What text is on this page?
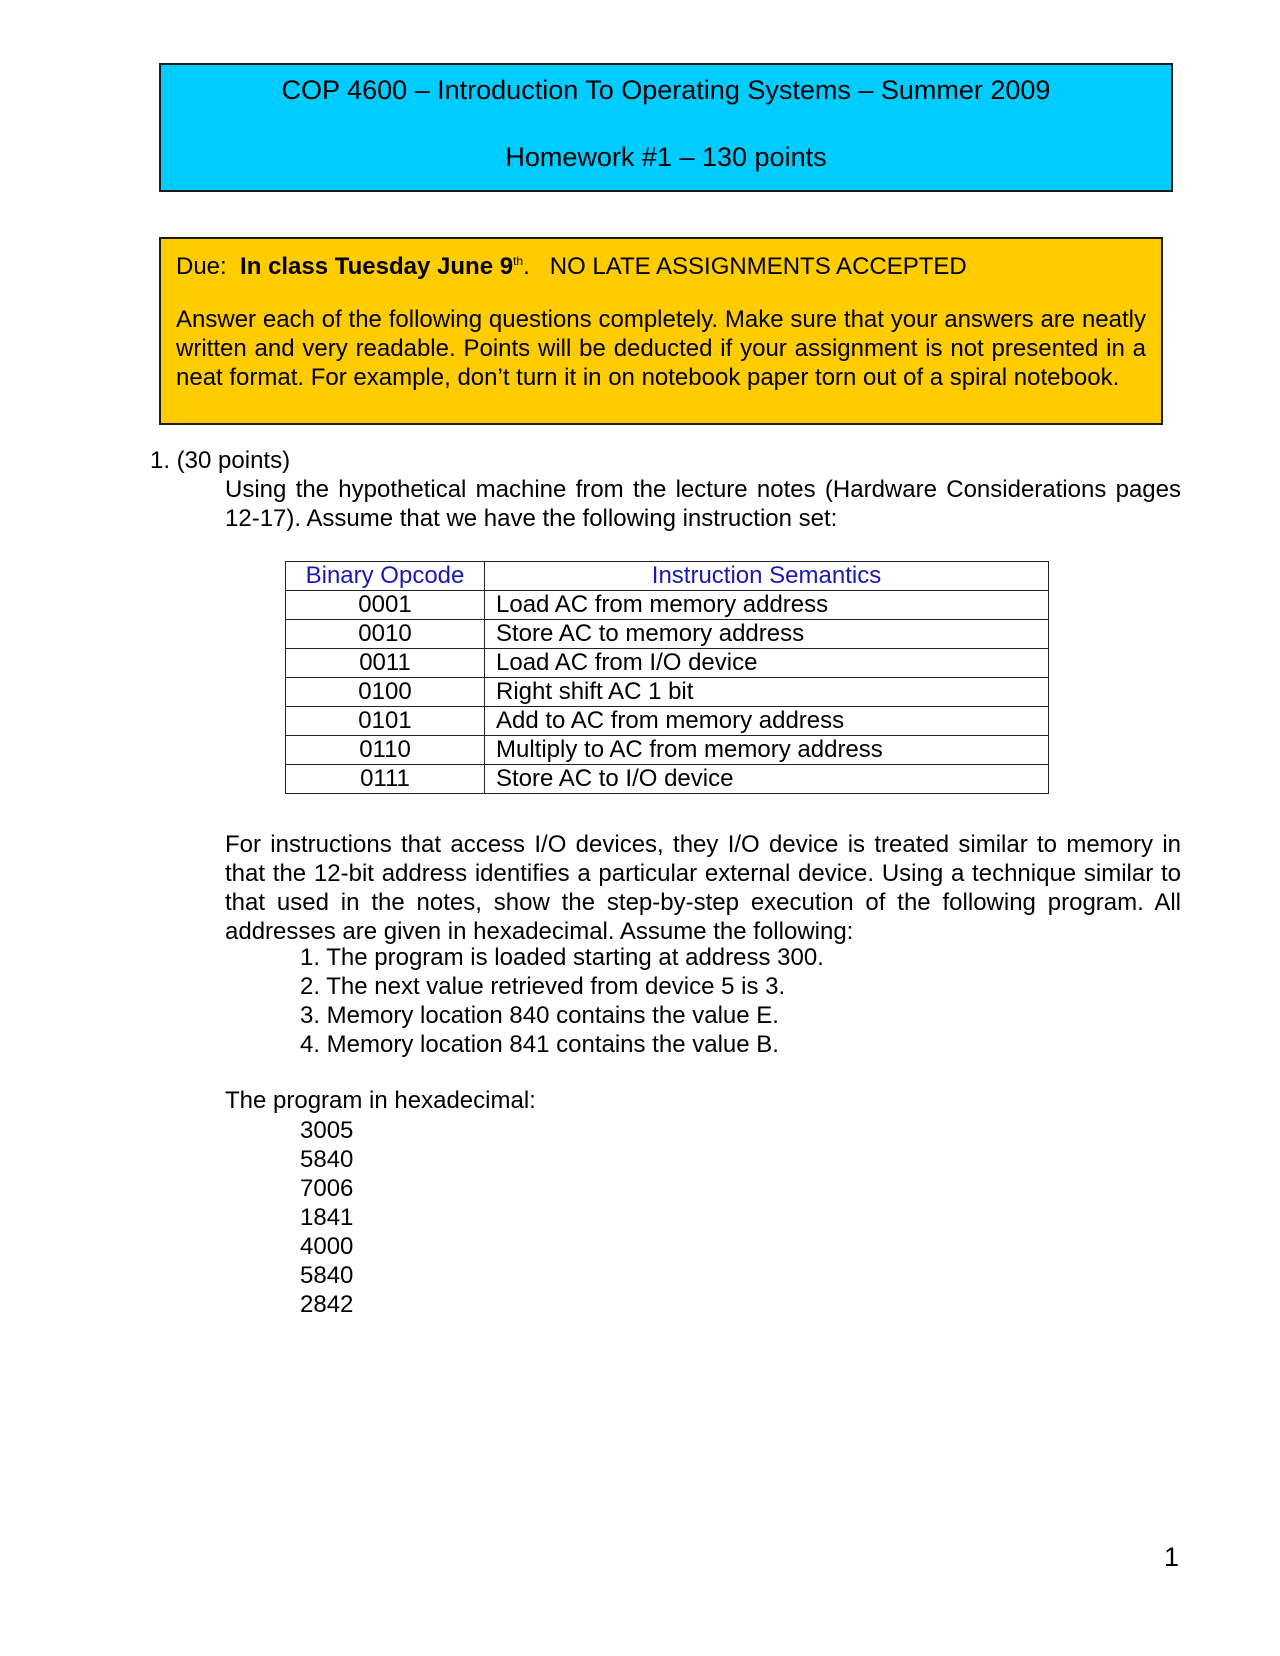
COP 4600 – Introduction To Operating Systems – Summer 2009
Homework #1 – 130 points
Due: In class Tuesday June 9th. NO LATE ASSIGNMENTS ACCEPTED
Answer each of the following questions completely. Make sure that your answers are neatly written and very readable. Points will be deducted if your assignment is not presented in a neat format. For example, don’t turn it in on notebook paper torn out of a spiral notebook.
1. (30 points)
Using the hypothetical machine from the lecture notes (Hardware Considerations pages 12-17). Assume that we have the following instruction set:
Binary Opcode	Instruction Semantics
0001	Load AC from memory address
0010	Store AC to memory address
0011	Load AC from I/O device
0100	Right shift AC 1 bit
0101	Add to AC from memory address
0110	Multiply to AC from memory address
0111	Store AC to I/O device
For instructions that access I/O devices, they I/O device is treated similar to memory in that the 12-bit address identifies a particular external device. Using a technique similar to that used in the notes, show the step-by-step execution of the following program. All addresses are given in hexadecimal. Assume the following:
1. The program is loaded starting at address 300.
2. The next value retrieved from device 5 is 3.
3. Memory location 840 contains the value E.
4. Memory location 841 contains the value B.
The program in hexadecimal:
3005
5840
7006
1841
4000
5840
2842
1
